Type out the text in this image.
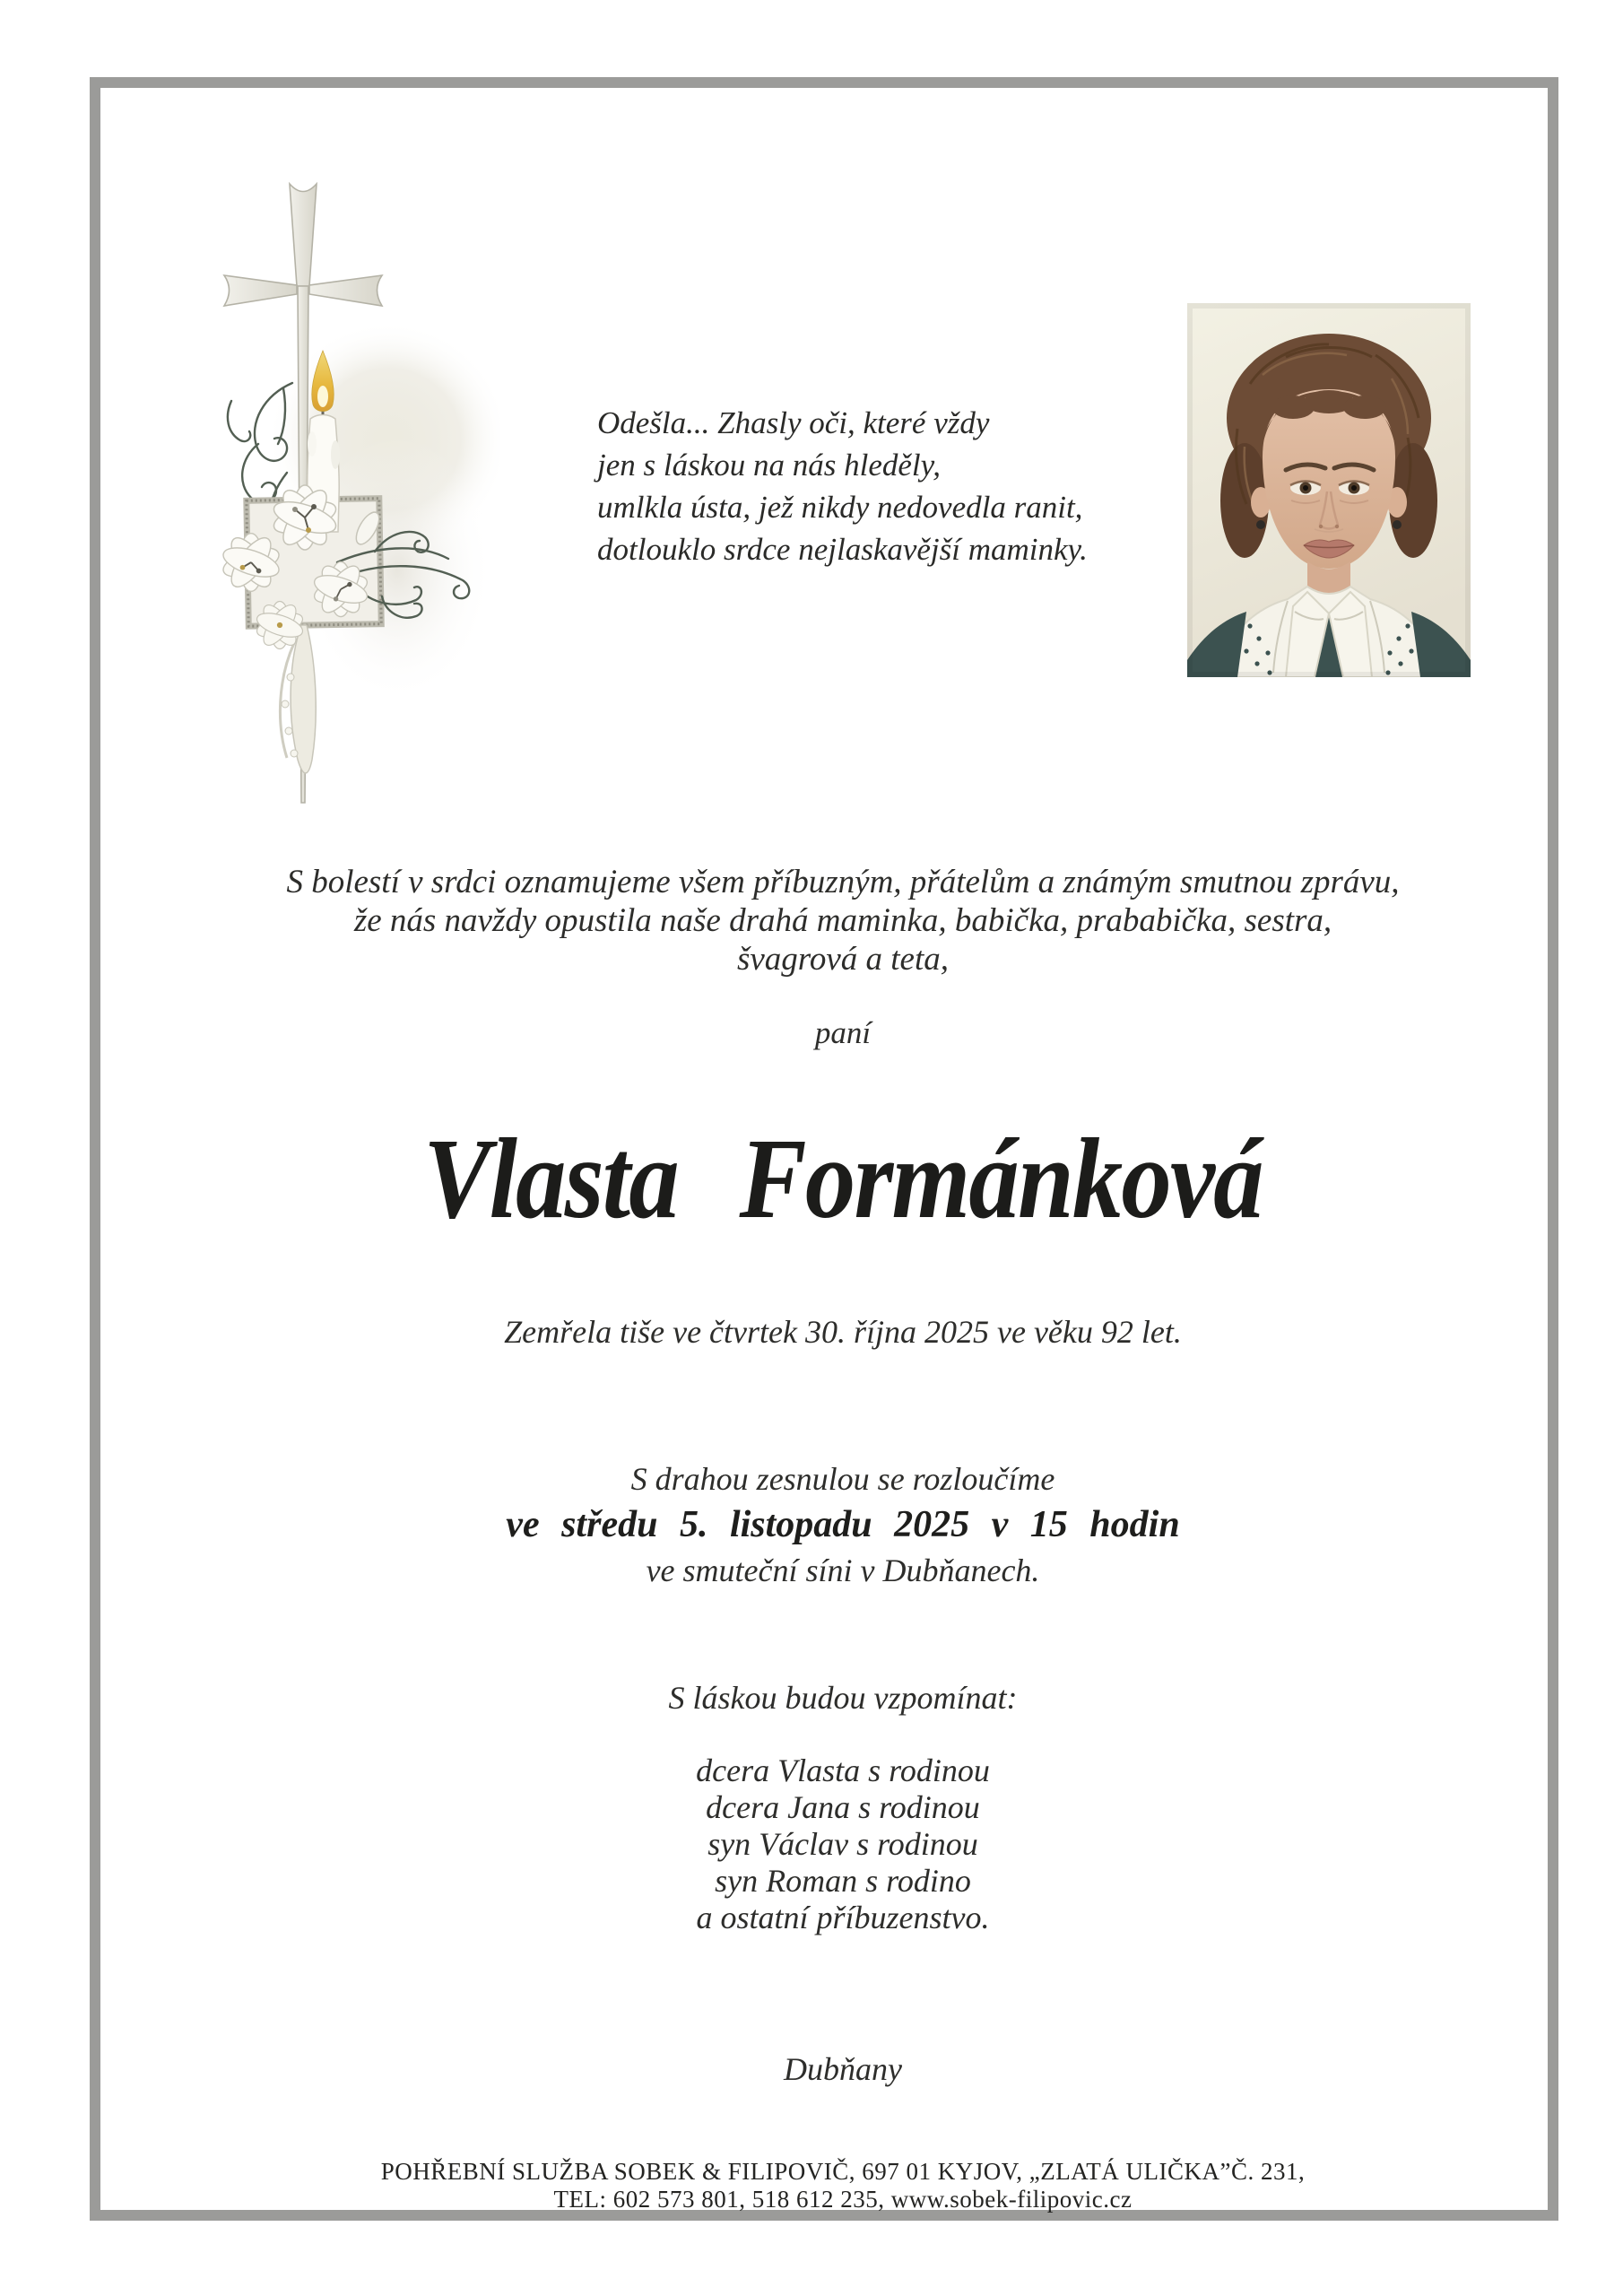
Odešla... Zhasly oči, které vždy
jen s láskou na nás hleděly,
umlkla ústa, jež nikdy nedovedla ranit,
dotlouklo srdce nejlaskavější maminky.
S bolestí v srdci oznamujeme všem příbuzným, přátelům a známým smutnou zprávu,
že nás navždy opustila naše drahá maminka, babička, prababička, sestra,
švagrová a teta,
paní
Vlasta Formánková
Zemřela tiše ve čtvrtek 30. října 2025 ve věku 92 let.
S drahou zesnulou se rozloučíme
ve středu 5. listopadu 2025 v 15 hodin
ve smuteční síni v Dubňanech.
S láskou budou vzpomínat:
dcera Vlasta s rodinou
dcera Jana s rodinou
syn Václav s rodinou
syn Roman s rodino
a ostatní příbuzenstvo.
Dubňany
POHŘEBNÍ SLUŽBA SOBEK & FILIPOVIČ, 697 01 KYJOV, „ZLATÁ ULIČKA”Č. 231,
TEL: 602 573 801, 518 612 235, www.sobek-filipovic.cz
